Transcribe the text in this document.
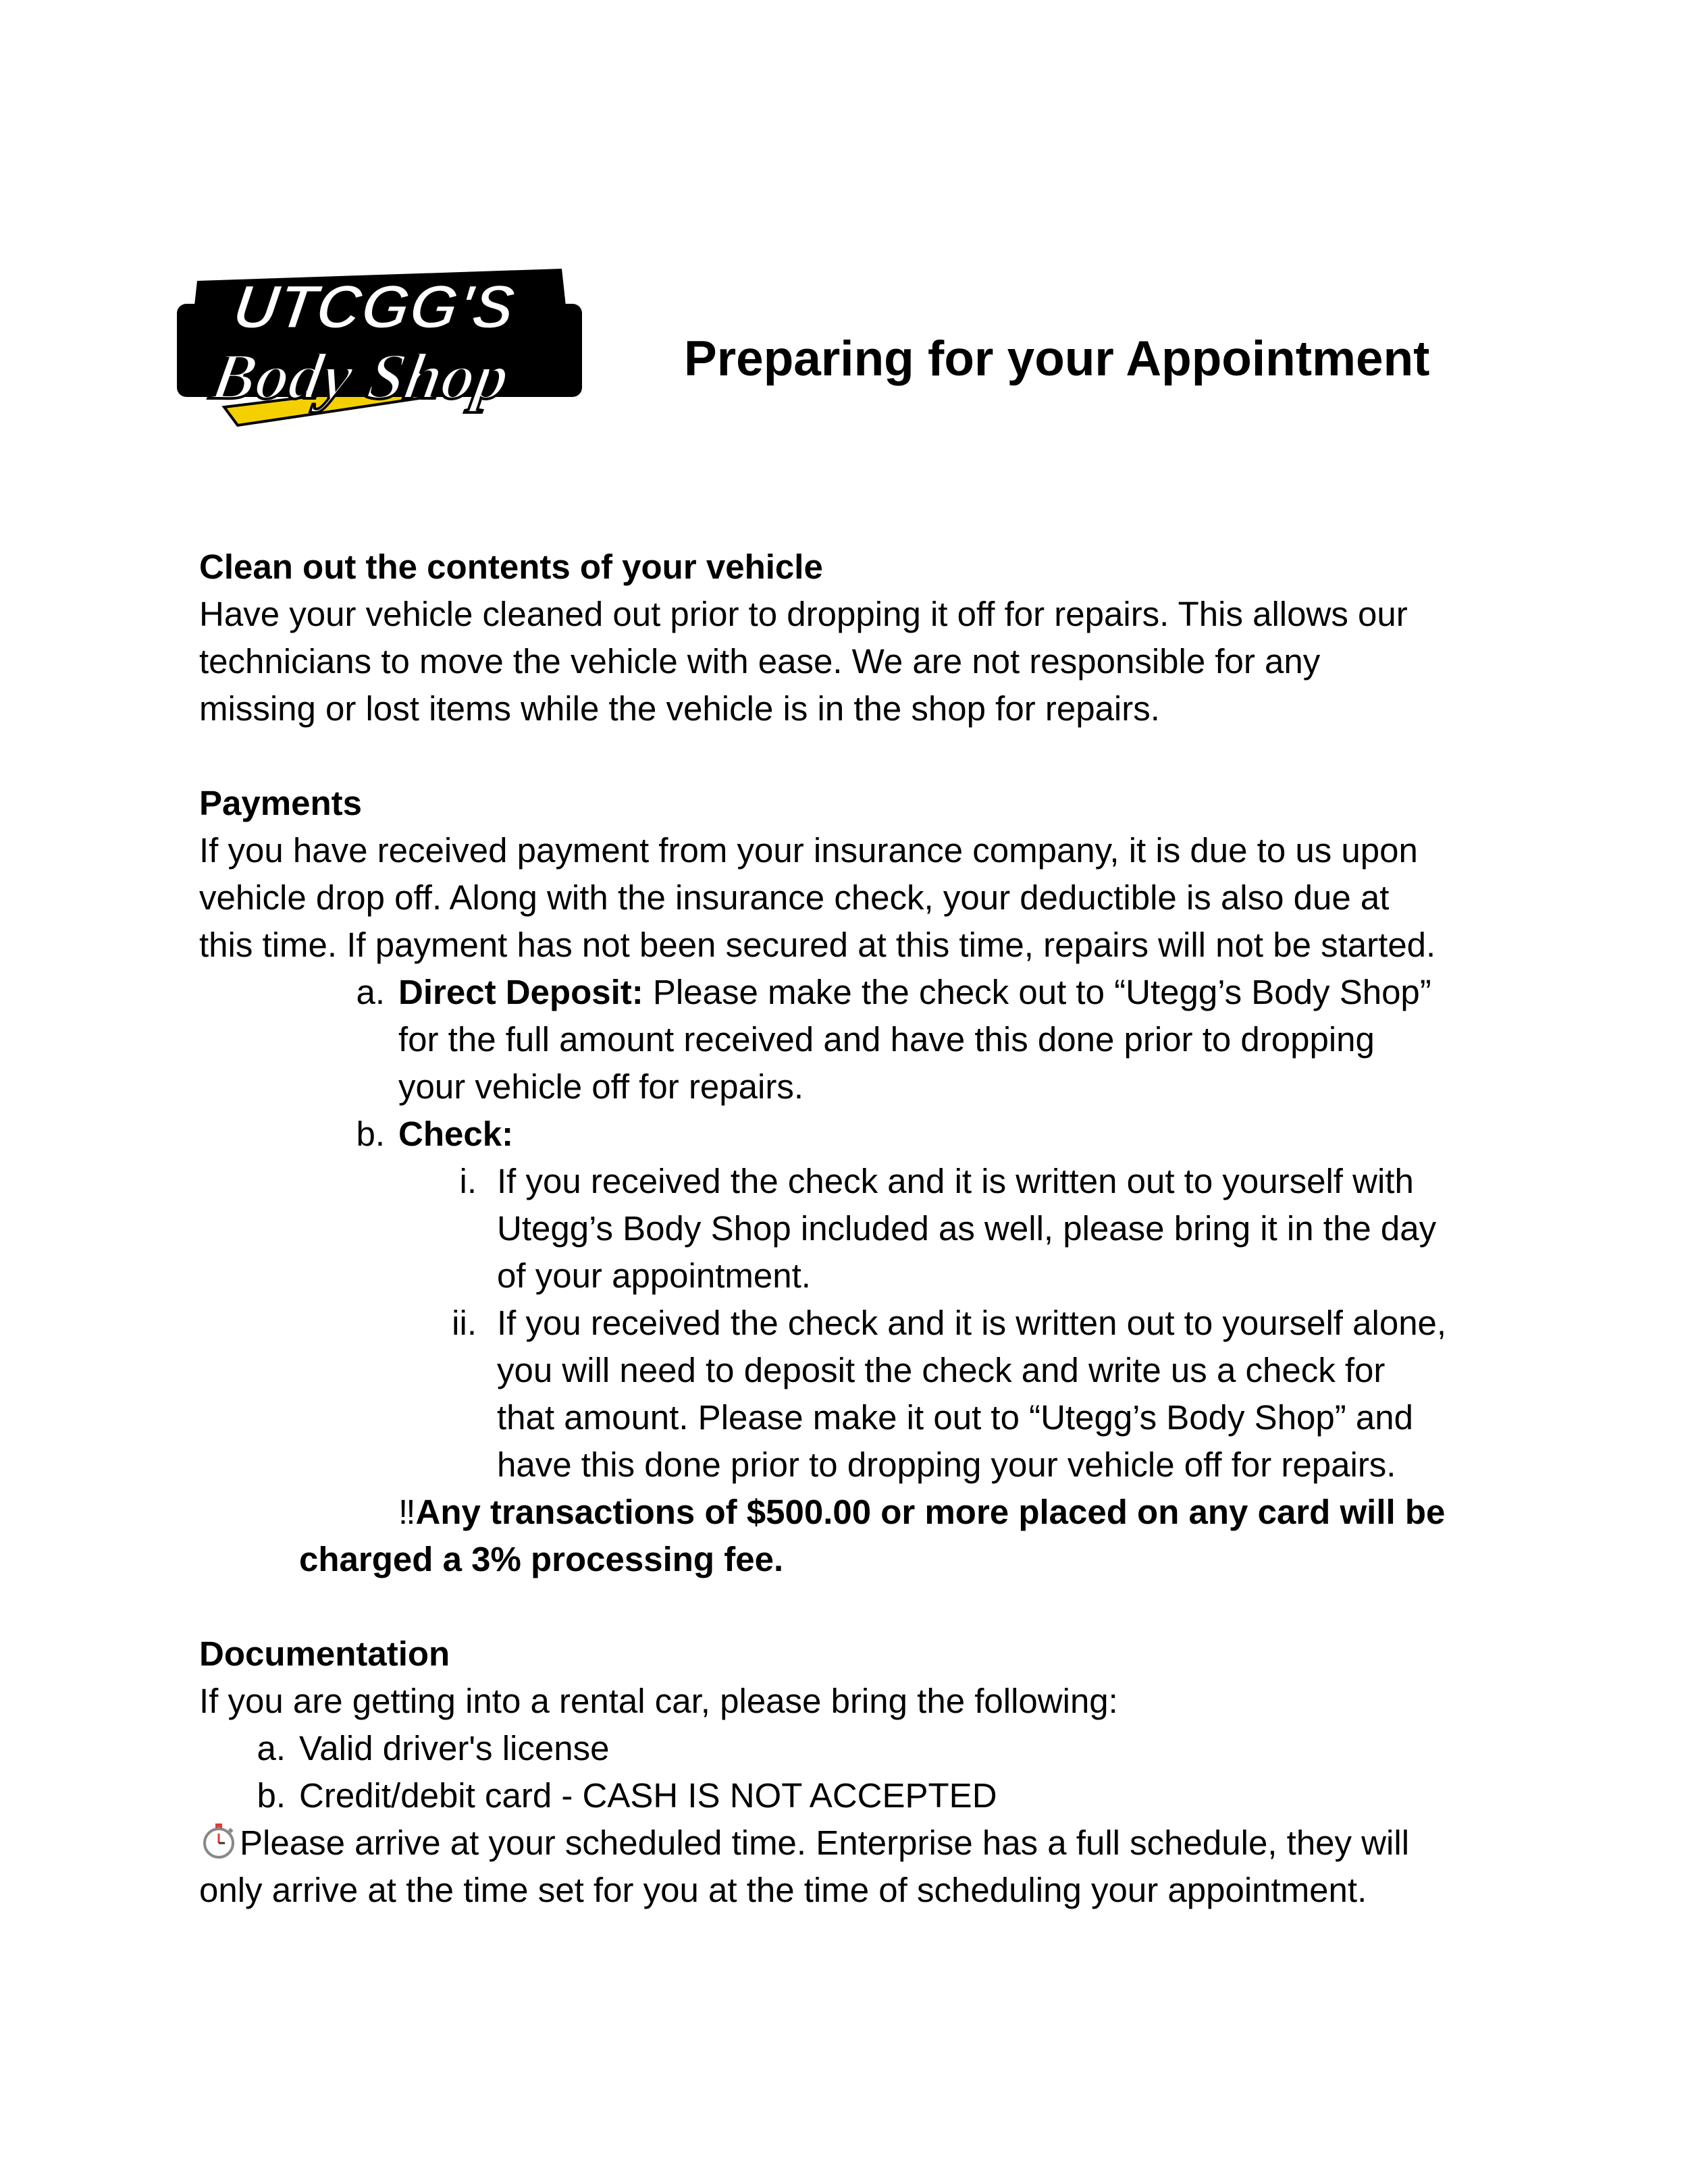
UTCGG'S
Body Shop	Preparing for your Appointment
Clean out the contents of your vehicle
Have your vehicle cleaned out prior to dropping it off for repairs. This allows our
technicians to move the vehicle with ease. We are not responsible for any
missing or lost items while the vehicle is in the shop for repairs.
Payments
If you have received payment from your insurance company, it is due to us upon
vehicle drop off. Along with the insurance check, your deductible is also due at
this time. If payment has not been secured at this time, repairs will not be started.
a. Direct Deposit: Please make the check out to “Utegg’s Body Shop”
for the full amount received and have this done prior to dropping
your vehicle off for repairs.
b. Check:
i. If you received the check and it is written out to yourself with
Utegg’s Body Shop included as well, please bring it in the day
of your appointment.
ii. If you received the check and it is written out to yourself alone,
you will need to deposit the check and write us a check for
that amount. Please make it out to “Utegg’s Body Shop” and
have this done prior to dropping your vehicle off for repairs.
‼Any transactions of $500.00 or more placed on any card will be
charged a 3% processing fee.
Documentation
If you are getting into a rental car, please bring the following:
a. Valid driver's license
b. Credit/debit card - CASH IS NOT ACCEPTED
Please arrive at your scheduled time. Enterprise has a full schedule, they will
only arrive at the time set for you at the time of scheduling your appointment.
